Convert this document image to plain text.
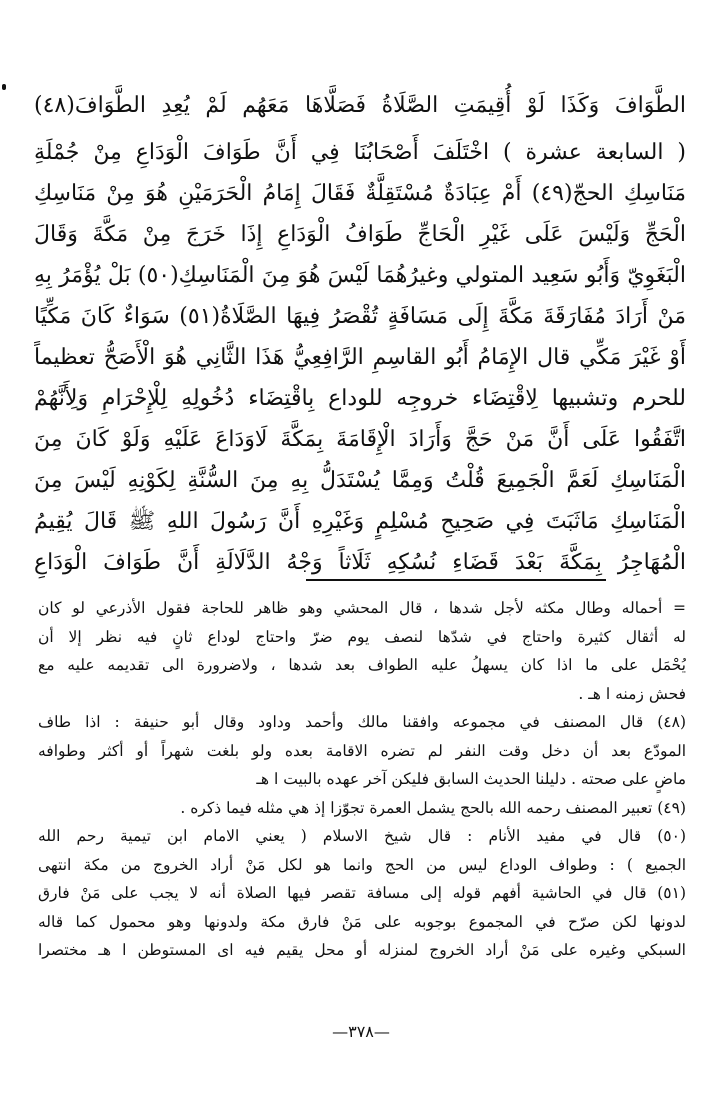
الطَّوَافَ وَكَذَا لَوْ أُقِيمَتِ الصَّلَاةُ فَصَلَّاهَا مَعَهُم لَمْ يُعِدِ الطَّوَافَ(٤٨)
( السابعة عشرة ) اخْتَلَفَ أَصْحَابُنَا فِي أَنَّ طَوَافَ الْوَدَاعِ مِنْ جُمْلَةِ
مَنَاسِكِ الحجّ(٤٩) أَمْ عِبَادَةٌ مُسْتَقِلَّةٌ فَقَالَ إِمَامُ الْحَرَمَيْنِ هُوَ مِنْ مَنَاسِكِ
الْحَجِّ وَلَيْسَ عَلَى غَيْرِ الْحَاجِّ طَوَافُ الْوَدَاعِ إِذَا خَرَجَ مِنْ مَكَّةَ وَقَالَ
الْبَغَوِيّ وَأَبُو سَعِيد المتولي وغيرُهُمَا لَيْسَ هُوَ مِنَ الْمَنَاسِكِ(٥٠) بَلْ يُؤْمَرُ بِهِ
مَنْ أَرَادَ مُفَارَقَةَ مَكَّةَ إِلَى مَسَافَةٍ تُقْصَرُ فِيهَا الصَّلَاةُ(٥١) سَوَاءٌ كَانَ مَكِّيًا
أَوْ غَيْرَ مَكِّي قال الإِمَامُ أَبُو القاسِمِ الرَّافِعِيُّ هَذَا الثَّانِي هُوَ الْأَصَحُّ تعظيماً
للحرم وتشبيها لِاقْتِضَاء خروجِه للوداع بِاقْتِضَاء دُخُولِهِ لِلْإِحْرَامِ وَلِأَنَّهُمْ
اتَّفَقُوا عَلَى أَنَّ مَنْ حَجَّ وَأَرَادَ الْإِقَامَةَ بِمَكَّةَ لَاوَدَاعَ عَلَيْهِ وَلَوْ كَانَ مِنَ
الْمَنَاسِكِ لَعَمَّ الْجَمِيعَ قُلْتُ وَمِمَّا يُسْتَدَلُّ بِهِ مِنَ السُّنَّةِ لِكَوْنِهِ لَيْسَ مِنَ
الْمَنَاسِكِ مَاثَبَتَ فِي صَحِيحِ مُسْلِمٍ وَغَيْرِهِ أَنَّ رَسُولَ اللهِ ﷺ قَالَ يُقِيمُ
الْمُهَاجِرُ بِمَكَّةَ بَعْدَ قَضَاءِ نُسُكِهِ ثَلَاثاً وَجْهُ الدَّلَالَةِ أَنَّ طَوَافَ الْوَدَاعِ
= أحماله وطال مكثه لأجل شدها ، قال المحشي وهو ظاهر للحاجة فقول الأذرعي لو كان
له أثقال كثيرة واحتاج في شدّها لنصف يوم ضرّ واحتاج لوداع ثانٍ فيه نظر إلا أن
يُحْمَل على ما اذا كان يسهلُ عليه الطواف بعد شدها ، ولاضرورة الى تقديمه عليه مع
فحش زمنه ا هـ .
(٤٨) قال المصنف في مجموعه وافقنا مالك وأحمد وداود وقال أبو حنيفة : اذا طاف
المودّع بعد أن دخل وقت النفر لم تضره الاقامة بعده ولو بلغت شهراً أو أكثر وطوافه
ماضٍ على صحته . دليلنا الحديث السابق فليكن آخر عهده بالبيت ا هـ
(٤٩) تعبير المصنف رحمه الله بالحج يشمل العمرة تجوّزا إذ هي مثله فيما ذكره .
(٥٠) قال في مفيد الأنام : قال شيخ الاسلام ( يعني الامام ابن تيمية رحم الله
الجميع ) : وطواف الوداع ليس من الحج وانما هو لكل مَنْ أراد الخروج من مكة انتهى
(٥١) قال في الحاشية أفهم قوله إلى مسافة تقصر فيها الصلاة أنه لا يجب على مَنْ فارق
لدونها لكن صرّح في المجموع بوجوبه على مَنْ فارق مكة ولدونها وهو محمول كما قاله
السبكي وغيره على مَنْ أراد الخروج لمنزله أو محل يقيم فيه اى المستوطن ا هـ مختصرا
—٣٧٨—
